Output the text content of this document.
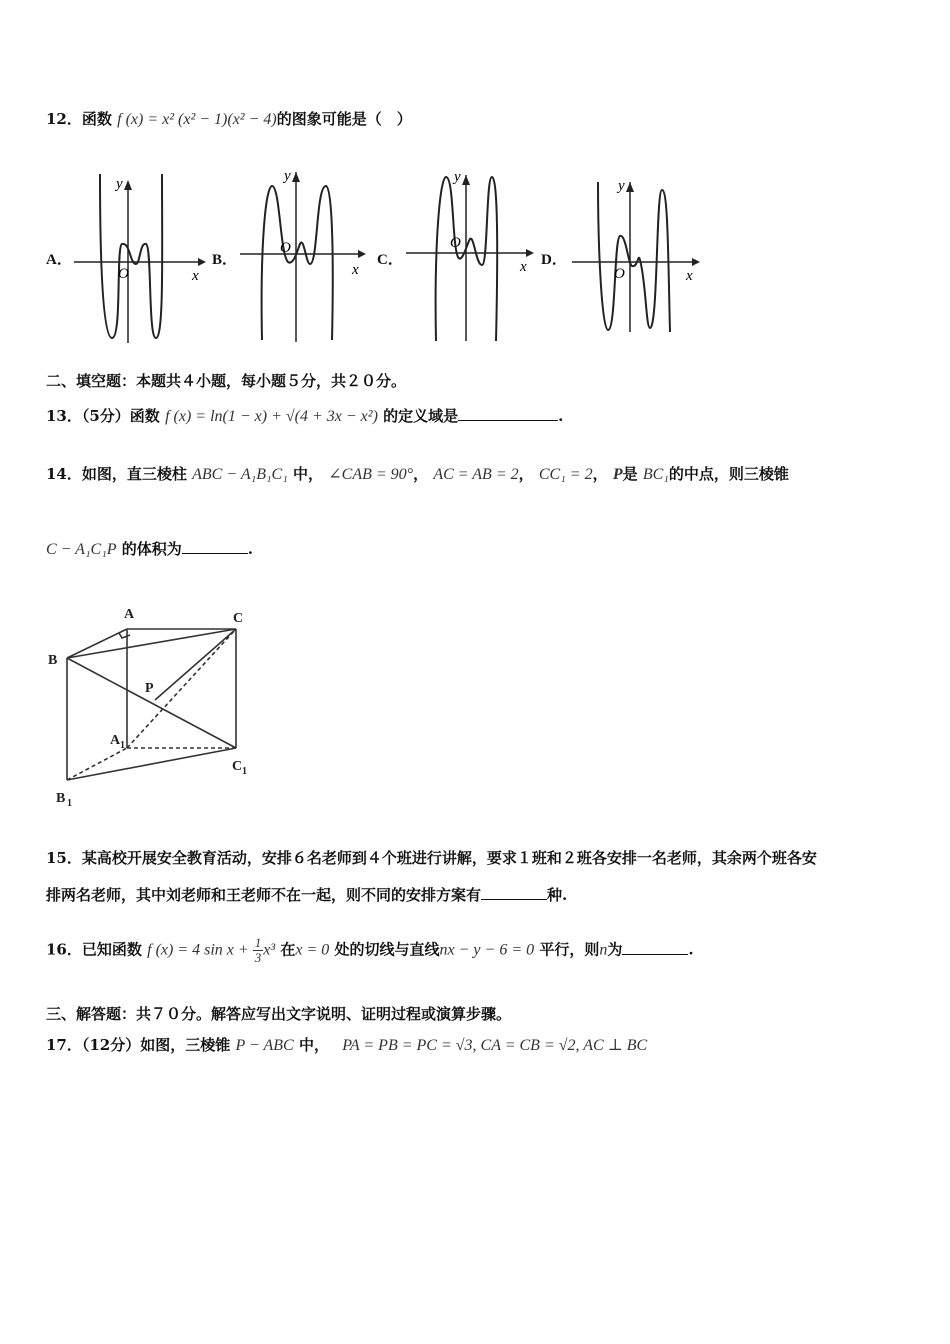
12．函数 f (x) = x² (x² − 1)(x² − 4)的图象可能是（　）
A．
x
y
O
B．
x
y
O
C．	x
y
O
D．
x
y
O
二、填空题：本题共４小题，每小题５分，共２０分。
13．（5分）函数 f (x) = ln(1 − x) + √(4 + 3x − x²) 的定义域是	.
14．如图，直三棱柱 ABC − A₁B₁C₁ 中， ∠CAB = 90°， AC = AB = 2， CC₁ = 2， P是 BC₁的中点，则三棱锥
C − A₁C₁P 的体积为	.
A
B
C
P
A 1
B 1
C 1
15．某高校开展安全教育活动，安排６名老师到４个班进行讲解，要求１班和２班各安排一名老师，其余两个班各安
排两名老师，其中刘老师和王老师不在一起，则不同的安排方案有	种.
16．已知函数 f (x) = 4 $\sin x + \frac{1}{3} x^3$ 在x = 0 处的切线与直线nx − y − 6 = 0 平行，则n为	.
三、解答题：共７０分。解答应写出文字说明、证明过程或演算步骤。
17．（12分）如图，三棱锥 P − ABC 中， PA = PB = PC = √3, CA = CB = √2, AC ⊥ BC
